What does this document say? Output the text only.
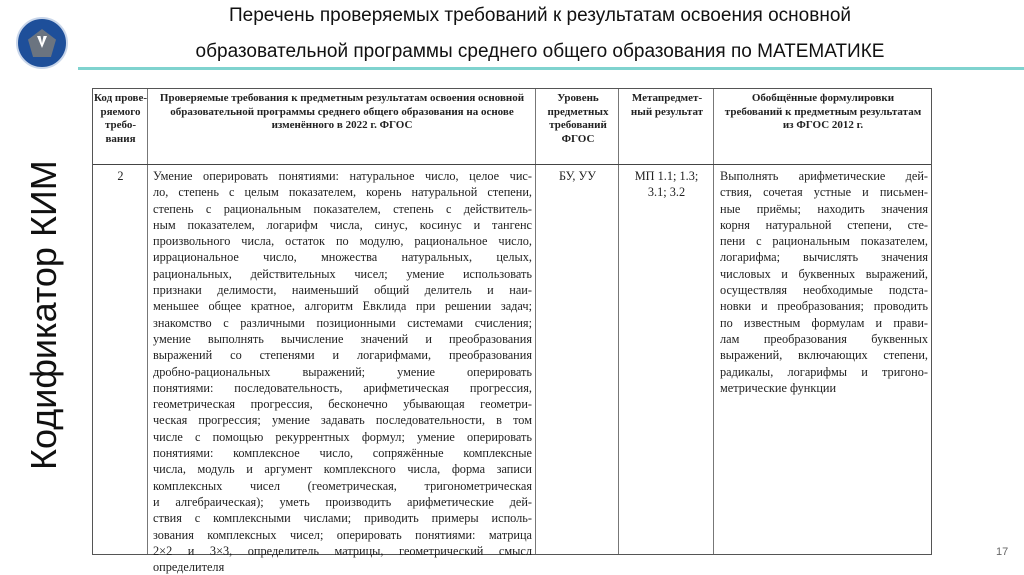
Перечень проверяемых требований к результатам освоения основной
образовательной программы среднего общего образования по МАТЕМАТИКЕ
Кодификатор КИМ
17
Код прове- ряемого требо- вания
Проверяемые требования к предметным результатам освоения основной образовательной программы среднего общего образования на основе изменённого в 2022 г. ФГОС
Уровень предметных требований ФГОС
Метапредмет- ный результат
Обобщённые формулировки требований к предметным результатам из ФГОС 2012 г.
2	Умение оперировать понятиями: натуральное число, целое чис-
ло, степень с целым показателем, корень натуральной степени,
степень с рациональным показателем, степень с действитель-
ным показателем, логарифм числа, синус, косинус и тангенс
произвольного числа, остаток по модулю, рациональное число,
иррациональное число, множества натуральных, целых,
рациональных, действительных чисел; умение использовать
признаки делимости, наименьший общий делитель и наи-
меньшее общее кратное, алгоритм Евклида при решении задач;
знакомство с различными позиционными системами счисления;
умение выполнять вычисление значений и преобразования
выражений со степенями и логарифмами, преобразования
дробно-рациональных выражений; умение оперировать
понятиями: последовательность, арифметическая прогрессия,
геометрическая прогрессия, бесконечно убывающая геометри-
ческая прогрессия; умение задавать последовательности, в том
числе с помощью рекуррентных формул; умение оперировать
понятиями: комплексное число, сопряжённые комплексные
числа, модуль и аргумент комплексного числа, форма записи
комплексных чисел (геометрическая, тригонометрическая
и алгебраическая); уметь производить арифметические дей-
ствия с комплексными числами; приводить примеры исполь-
зования комплексных чисел; оперировать понятиями: матрица
2×2 и 3×3, определитель матрицы, геометрический смысл
определителя
БУ, УУ	МП 1.1; 1.3;
3.1; 3.2
Выполнять арифметические дей-
ствия, сочетая устные и письмен-
ные приёмы; находить значения
корня натуральной степени, сте-
пени с рациональным показателем,
логарифма; вычислять значения
числовых и буквенных выражений,
осуществляя необходимые подста-
новки и преобразования; проводить
по известным формулам и прави-
лам преобразования буквенных
выражений, включающих степени,
радикалы, логарифмы и тригоно-
метрические функции
